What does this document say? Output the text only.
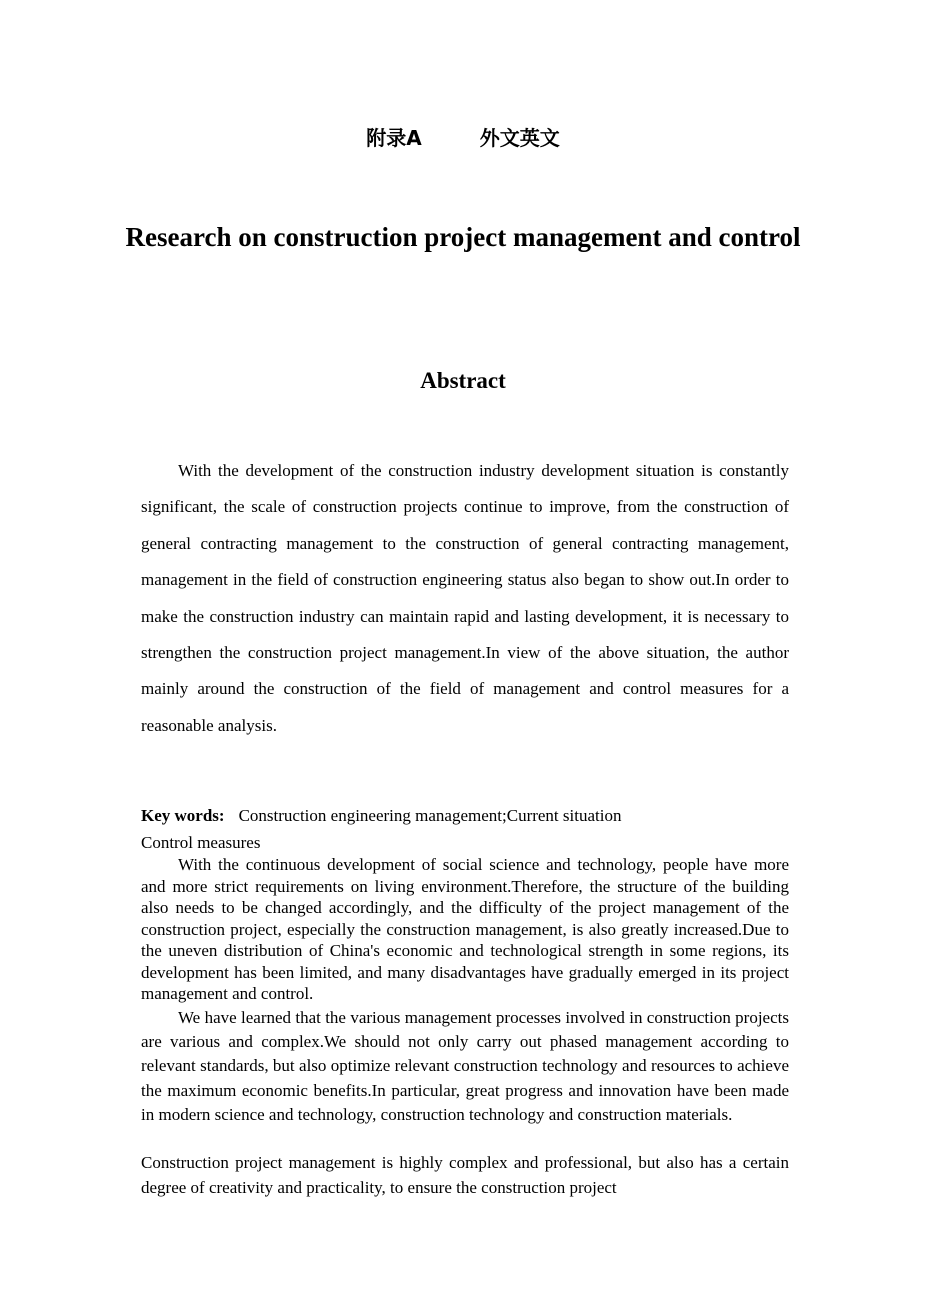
附录A	外文英文
Research on construction project management and control
Abstract

With the development of the construction industry development situation is constantly significant, the scale of construction projects continue to improve, from the construction of general contracting management to the construction of general contracting management, management in the field of construction engineering status also began to show out.In order to make the construction industry can maintain rapid and lasting development, it is necessary to strengthen the construction project management.In view of the above situation, the author mainly around the construction of the field of management and control measures for a reasonable analysis.

Key words: Construction engineering management;Current situation
Control measures

With the continuous development of social science and technology, people have more and more strict requirements on living environment.Therefore, the structure of the building also needs to be changed accordingly, and the difficulty of the project management of the construction project, especially the construction management, is also greatly increased.Due to the uneven distribution of China's economic and technological strength in some regions, its development has been limited, and many disadvantages have gradually emerged in its project management and control.

We have learned that the various management processes involved in construction projects are various and complex.We should not only carry out phased management according to relevant standards, but also optimize relevant construction technology and resources to achieve the maximum economic benefits.In particular, great progress and innovation have been made in modern science and technology, construction technology and construction materials.

Construction project management is highly complex and professional, but also has a certain degree of creativity and practicality, to ensure the construction project
